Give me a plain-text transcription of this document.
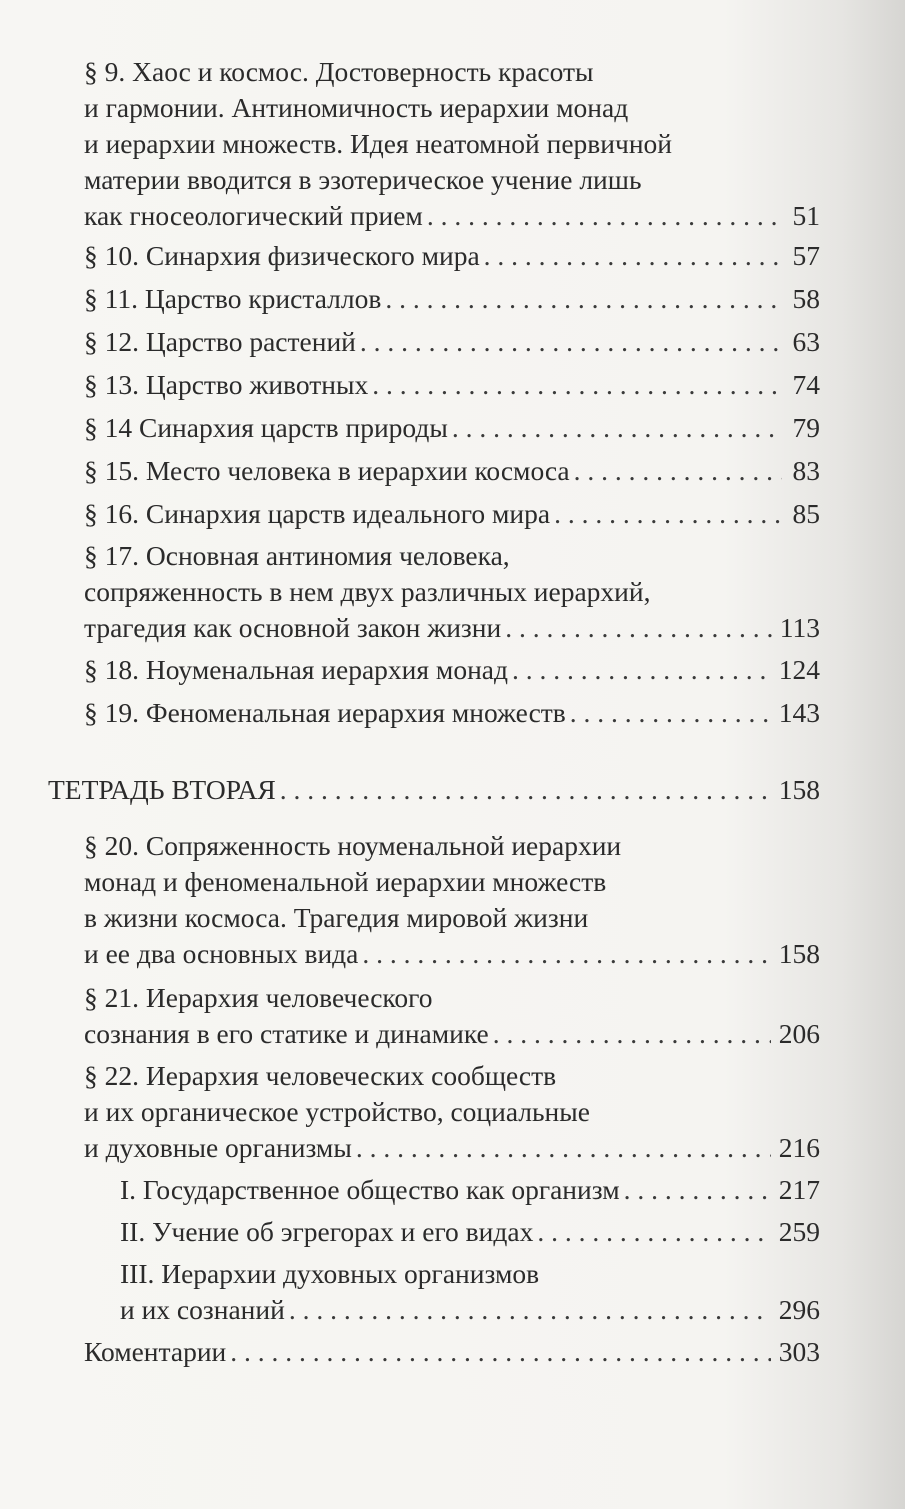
§ 9. Хаос и космос. Достоверность красоты
и гармонии. Антиномичность иерархии монад
и иерархии множеств. Идея неатомной первичной
материи вводится в эзотерическое учение лишь
как гносеологический прием . . .	51
§ 10. Синархия физического мира . . .	57
§ 11. Царство кристаллов . . .	58
§ 12. Царство растений . . .	63
§ 13. Царство животных . . .	74
§ 14 Синархия царств природы . . .	79
§ 15. Место человека в иерархии космоса . . .	83
§ 16. Синархия царств идеального мира . . .	85
§ 17. Основная антиномия человека,
сопряженность в нем двух различных иерархий,
трагедия как основной закон жизни . . .	113
§ 18. Ноуменальная иерархия монад . . .	124
§ 19. Феноменальная иерархия множеств . . .	143
ТЕТРАДЬ ВТОРАЯ . . .	158
§ 20. Сопряженность ноуменальной иерархии
монад и феноменальной иерархии множеств
в жизни космоса. Трагедия мировой жизни
и ее два основных вида . . .	158
§ 21. Иерархия человеческого
сознания в его статике и динамике . . .	206
§ 22. Иерархия человеческих сообществ
и их органическое устройство, социальные
и духовные организмы . . .	216
I. Государственное общество как организм . . .	217
II. Учение об эгрегорах и его видах . . .	259
III. Иерархии духовных организмов
и их сознаний . . .	296
Коментарии . . .	303
